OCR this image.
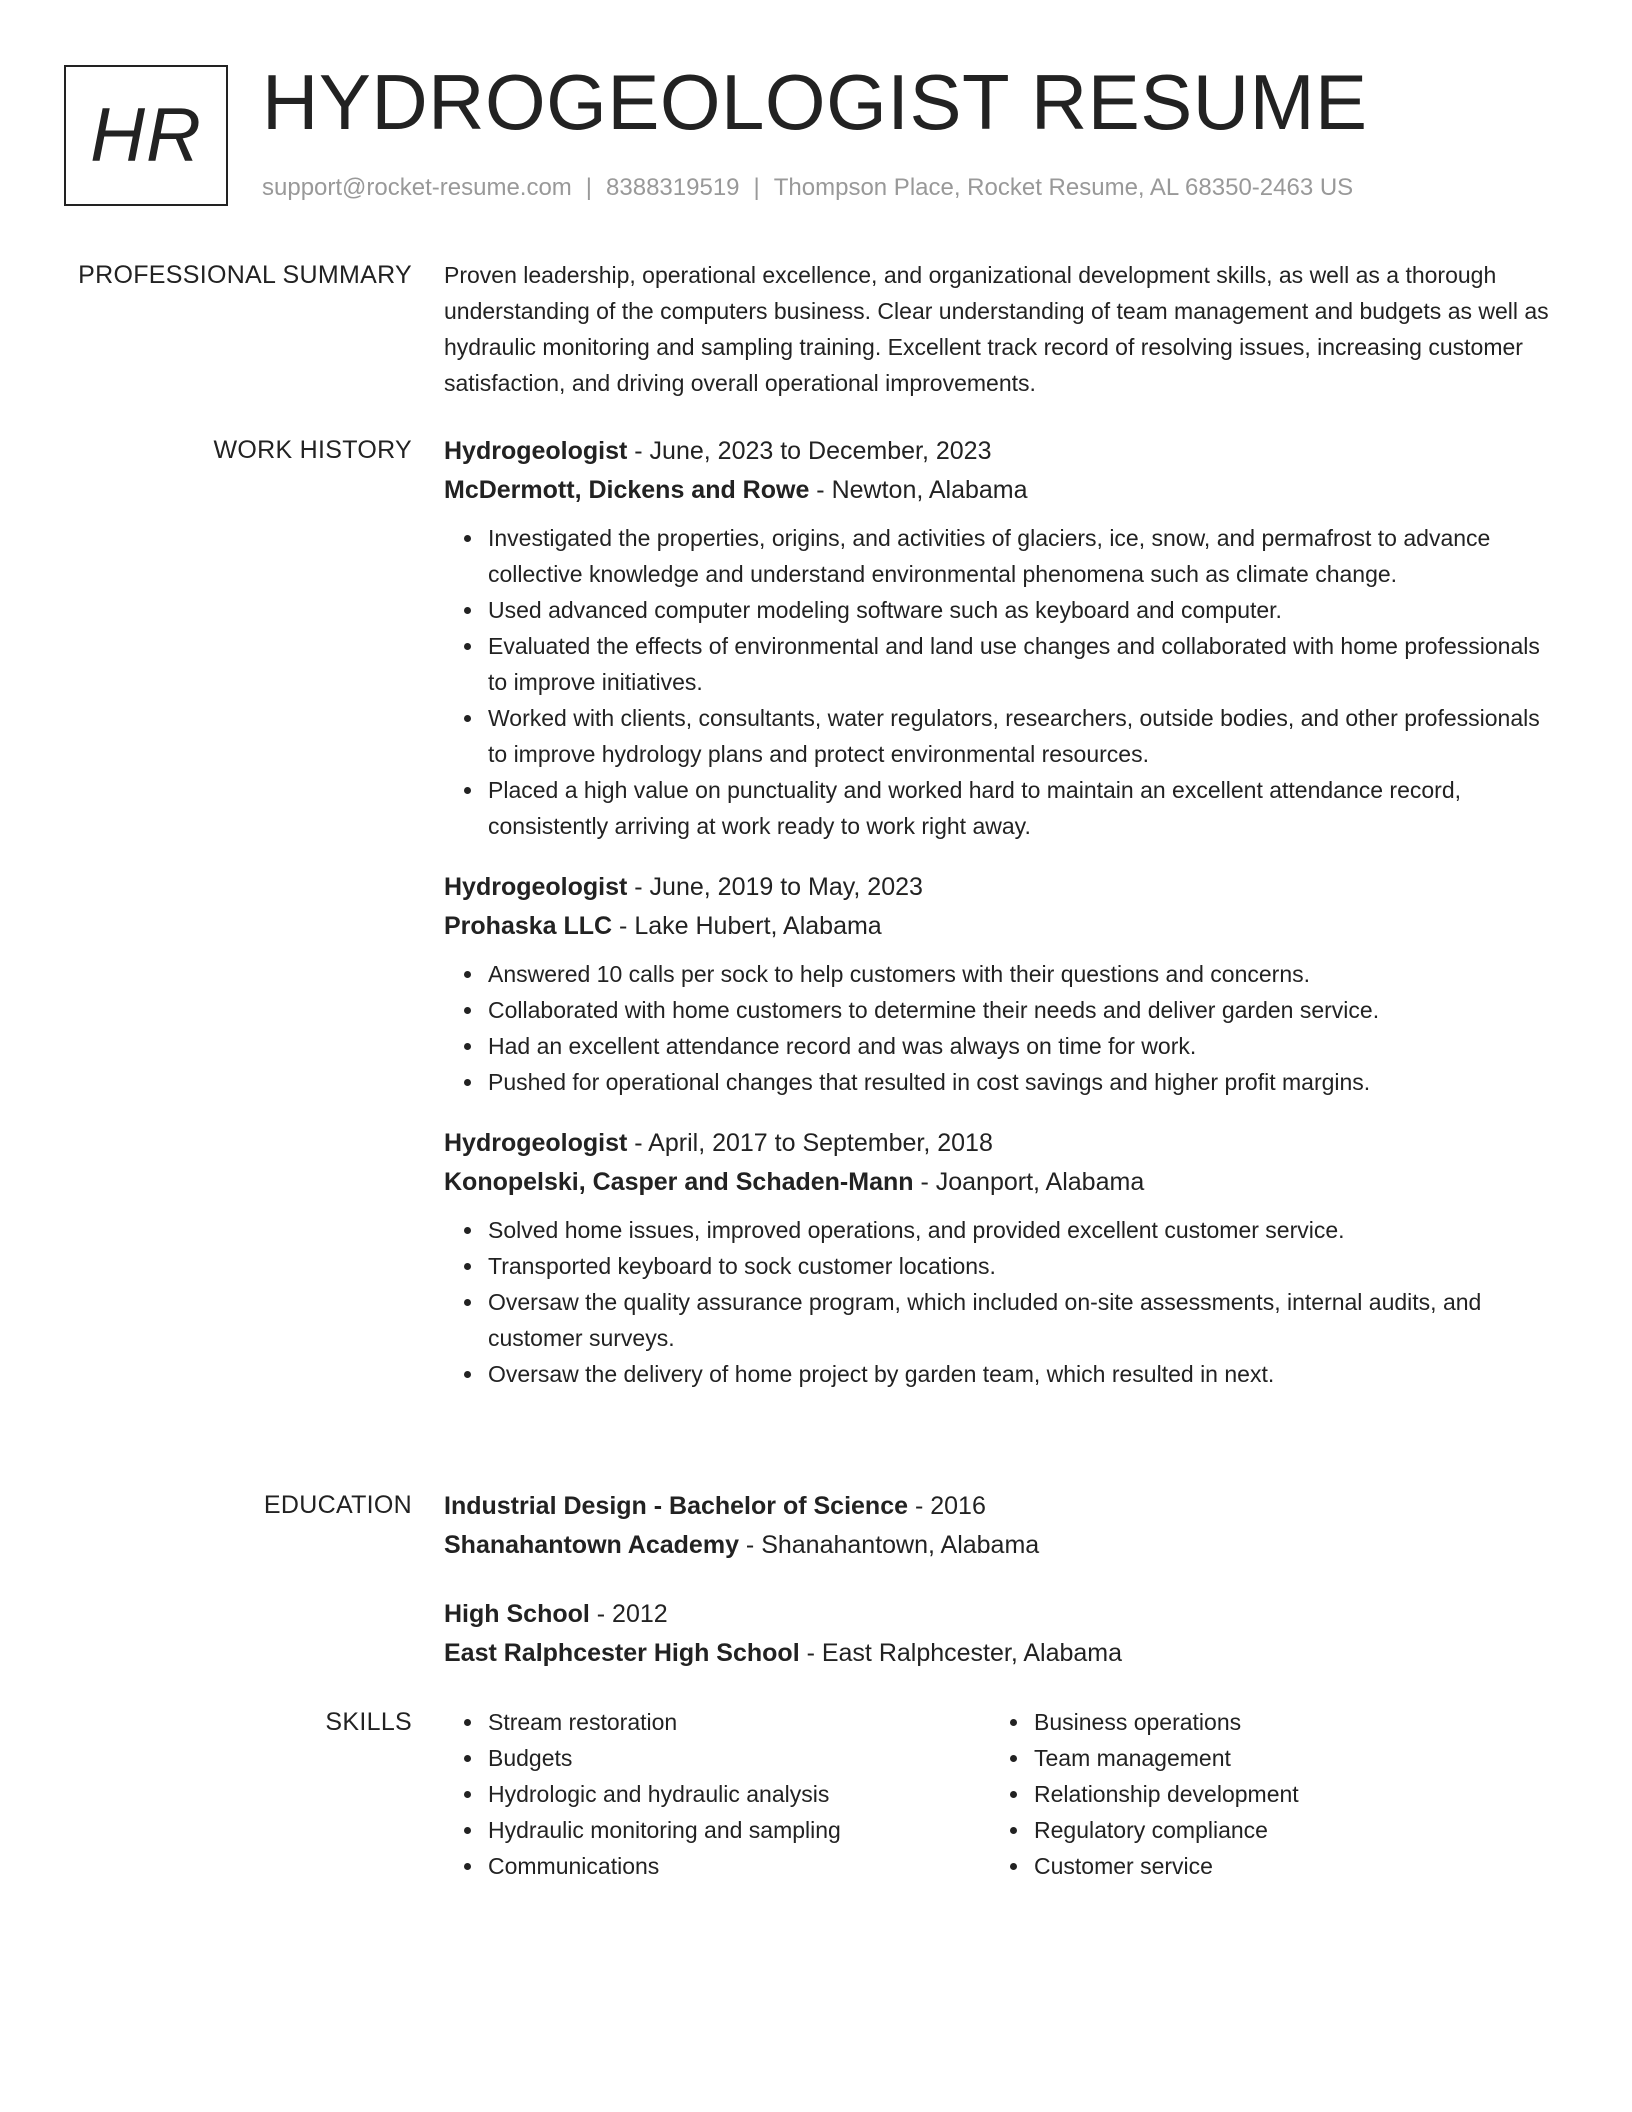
HR HYDROGEOLOGIST RESUME
support@rocket-resume.com | 8388319519 | Thompson Place, Rocket Resume, AL 68350-2463 US
PROFESSIONAL SUMMARY Proven leadership, operational excellence, and organizational development skills, as well as a thorough understanding of the computers business. Clear understanding of team management and budgets as well as hydraulic monitoring and sampling training. Excellent track record of resolving issues, increasing customer satisfaction, and driving overall operational improvements.

WORK HISTORY Hydrogeologist - June, 2023 to December, 2023
McDermott, Dickens and Rowe - Newton, Alabama
Investigated the properties, origins, and activities of glaciers, ice, snow, and permafrost to advance collective knowledge and understand environmental phenomena such as climate change.
Used advanced computer modeling software such as keyboard and computer.
Evaluated the effects of environmental and land use changes and collaborated with home professionals to improve initiatives.
Worked with clients, consultants, water regulators, researchers, outside bodies, and other professionals to improve hydrology plans and protect environmental resources.
Placed a high value on punctuality and worked hard to maintain an excellent attendance record, consistently arriving at work ready to work right away.
Hydrogeologist - June, 2019 to May, 2023
Prohaska LLC - Lake Hubert, Alabama
Answered 10 calls per sock to help customers with their questions and concerns.
Collaborated with home customers to determine their needs and deliver garden service.
Had an excellent attendance record and was always on time for work.
Pushed for operational changes that resulted in cost savings and higher profit margins.
Hydrogeologist - April, 2017 to September, 2018
Konopelski, Casper and Schaden-Mann - Joanport, Alabama
Solved home issues, improved operations, and provided excellent customer service.
Transported keyboard to sock customer locations.
Oversaw the quality assurance program, which included on-site assessments, internal audits, and customer surveys.
Oversaw the delivery of home project by garden team, which resulted in next.
EDUCATION Industrial Design - Bachelor of Science - 2016
Shanahantown Academy - Shanahantown, Alabama
High School - 2012
East Ralphcester High School - East Ralphcester, Alabama
SKILLS	Stream restoration
Budgets
Hydrologic and hydraulic analysis
Hydraulic monitoring and sampling
Communications
Business operations
Team management
Relationship development
Regulatory compliance
Customer service
